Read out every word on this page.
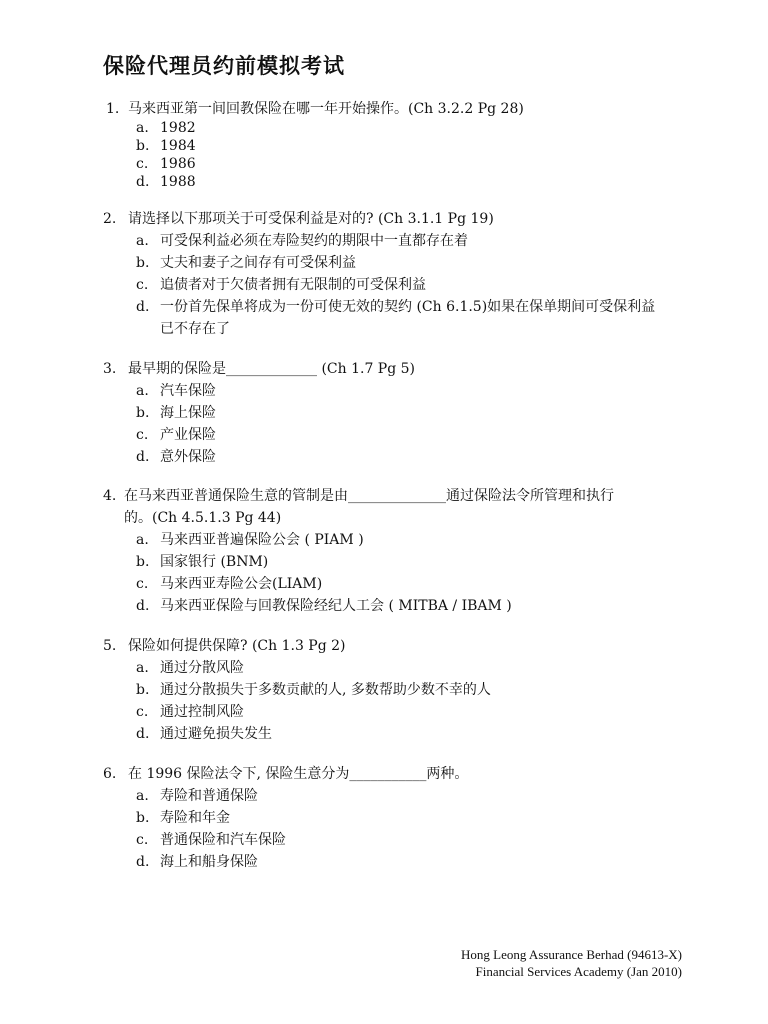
保险代理员约前模拟考试
1. 马来西亚第一间回教保险在哪一年开始操作。(Ch 3.2.2 Pg 28)
a. 1982
b. 1984
c. 1986
d. 1988
2. 请选择以下那项关于可受保利益是对的? (Ch 3.1.1 Pg 19)
a. 可受保利益必须在寿险契约的期限中一直都存在着
b. 丈夫和妻子之间存有可受保利益
c. 追债者对于欠债者拥有无限制的可受保利益
d. 一份首先保单将成为一份可使无效的契约 (Ch 6.1.5)如果在保单期间可受保利益
已不存在了
3. 最早期的保险是_____________ (Ch 1.7 Pg 5)
a. 汽车保险
b. 海上保险
c. 产业保险
d. 意外保险
4. 在马来西亚普通保险生意的管制是由______________通过保险法令所管理和执行
的。(Ch 4.5.1.3 Pg 44)
a. 马来西亚普遍保险公会 ( PIAM )
b. 国家银行 (BNM)
c. 马来西亚寿险公会(LIAM)
d. 马来西亚保险与回教保险经纪人工会 ( MITBA / IBAM )
5. 保险如何提供保障? (Ch 1.3 Pg 2)
a. 通过分散风险
b. 通过分散损失于多数贡献的人, 多数帮助少数不幸的人
c. 通过控制风险
d. 通过避免损失发生
6. 在 1996 保险法令下, 保险生意分为___________两种。
a. 寿险和普通保险
b. 寿险和年金
c. 普通保险和汽车保险
d. 海上和船身保险
Hong Leong Assurance Berhad (94613-X)
Financial Services Academy (Jan 2010)
